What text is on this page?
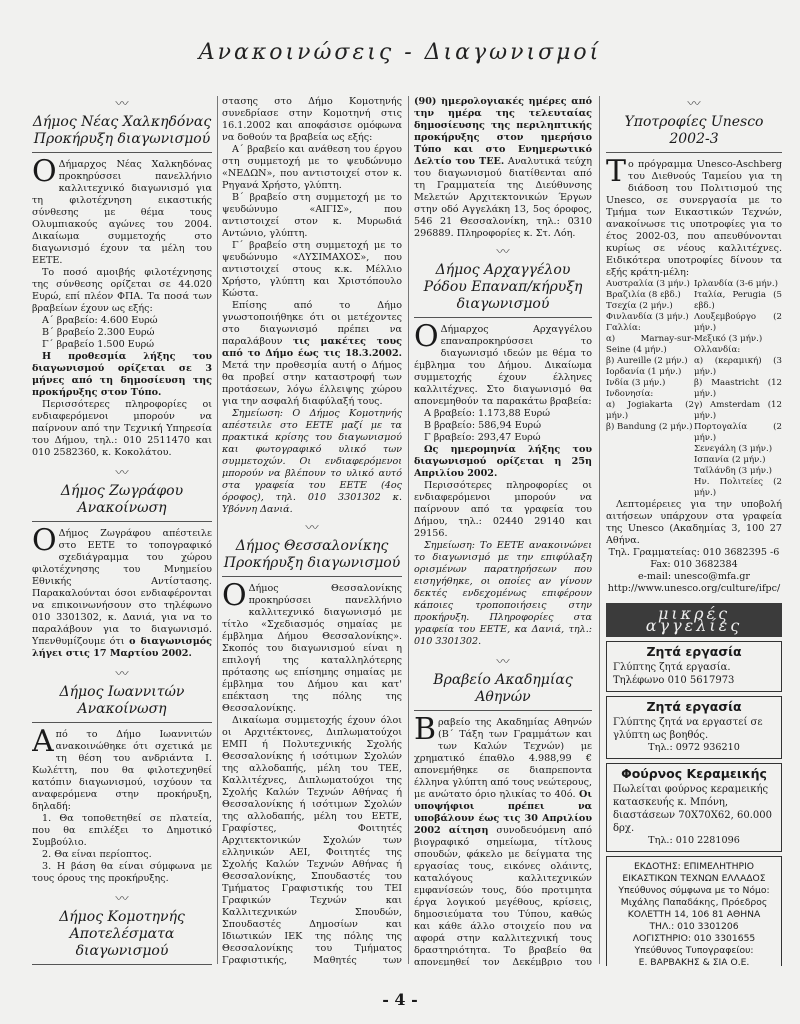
Ανακοινώσεις - Διαγωνισμοί
〰
Δήμος Νέας Χαλκηδόνας Προκήρυξη διαγωνισμού

ΟΔήμαρχος Νέας Χαλκηδόνας προκηρύσσει πανελλήνιο καλλιτεχνικό διαγωνισμό για τη φιλοτέχνηση εικαστικής σύνθεσης με θέμα τους Ολυμπιακούς αγώνες του 2004. Δικαίωμα συμμετοχής στο διαγωνισμό έχουν τα μέλη του ΕΕΤΕ.

Το ποσό αμοιβής φιλοτέχνησης της σύνθεσης ορίζεται σε 44.020 Ευρώ, επί πλέον ΦΠΑ. Τα ποσά των βραβείων έχουν ως εξής:

Α΄ βραβείο: 4.600 Ευρώ

Β΄ βραβείο 2.300 Ευρώ

Γ΄ βραβείο 1.500 Ευρώ

Η προθεσμία λήξης του διαγωνισμού ορίζεται σε 3 μήνες από τη δημοσίευση της προκήρυξης στον Τύπο.

Περισσότερες πληροφορίες οι ενδιαφερόμενοι μπορούν να παίρνουν από την Τεχνική Υπηρεσία του Δήμου, τηλ.: 010 2511470 και 010 2582360, κ. Κοκολάτου.

〰
Δήμος Ζωγράφου Ανακοίνωση

ΟΔήμος Ζωγράφου απέστειλε στο ΕΕΤΕ το τοπογραφικό σχεδιάγραμμα του χώρου φιλοτέχνησης του Μνημείου Εθνικής Αντίστασης. Παρακαλούνται όσοι ενδιαφέρονται να επικοινωνήσουν στο τηλέφωνο 010 3301302, κ. Δανιά, για να το παραλάβουν για το διαγωνισμό. Υπενθυμίζουμε ότι ο διαγωνισμός λήγει στις 17 Μαρτίου 2002.

〰
Δήμος Ιωαννιτών Ανακοίνωση

Από το Δήμο Ιωαννιτών ανακοινώθηκε ότι σχετικά με τη θέση του ανδριάντα Ι. Κωλέττη, που θα φιλοτεχνηθεί κατόπιν διαγωνισμού, ισχύουν τα αναφερόμενα στην προκήρυξη, δηλαδή:

1. Θα τοποθετηθεί σε πλατεία, που θα επιλέξει το Δημοτικό Συμβούλιο.

2. Θα είναι περίοπτος.

3. Η βάση θα είναι σύμφωνα με τους όρους της προκήρυξης.

〰
Δήμος Κομοτηνής Αποτελέσματα διαγωνισμού

στασης στο Δήμο Κομοτηνής συνεδρίασε στην Κομοτηνή στις 16.1.2002 και αποφάσισε ομόφωνα να δοθούν τα βραβεία ως εξής:

Α΄ βραβείο και ανάθεση του έργου στη συμμετοχή με το ψευδώνυμο «ΝΕΔΩΝ», που αντιστοιχεί στον κ. Ρηγανά Χρήστο, γλύπτη.

Β΄ βραβείο στη συμμετοχή με το ψευδώνυμο «ΑΙΓΙΣ», που αντιστοιχεί στον κ. Μυρωδιά Αντώνιο, γλύπτη.

Γ΄ βραβείο στη συμμετοχή με το ψευδώνυμο «ΛΥΣΙΜΑΧΟΣ», που αντιστοιχεί στους κ.κ. Μέλλιο Χρήστο, γλύπτη και Χριστόπουλο Κώστα.

Επίσης από το Δήμο γνωστοποιήθηκε ότι οι μετέχοντες στο διαγωνισμό πρέπει να παραλάβουν τις μακέτες τους από το Δήμο έως τις 18.3.2002. Μετά την προθεσμία αυτή ο Δήμος θα προβεί στην καταστροφή των προτάσεων, λόγω έλλειψης χώρου για την ασφαλή διαφύλαξή τους.

Σημείωση: Ο Δήμος Κομοτηνής απέστειλε στο ΕΕΤΕ μαζί με τα πρακτικά κρίσης του διαγωνισμού και φωτογραφικό υλικό των συμμετοχών. Οι ενδιαφερόμενοι μπορούν να βλέπουν το υλικό αυτό στα γραφεία του ΕΕΤΕ (4ος όροφος), τηλ. 010 3301302 κ. Υβόννη Δανιά.

〰
Δήμος Θεσσαλονίκης Προκήρυξη διαγωνισμού

ΟΔήμος Θεσσαλονίκης προκηρύσσει πανελλήνιο καλλιτεχνικό διαγωνισμό με τίτλο «Σχεδιασμός σημαίας με έμβλημα Δήμου Θεσσαλονίκης». Σκοπός του διαγωνισμού είναι η επιλογή της καταλληλότερης πρότασης ως επίσημης σημαίας με έμβλημα του Δήμου και κατ' επέκταση της πόλης της Θεσσαλονίκης.

Δικαίωμα συμμετοχής έχουν όλοι οι Αρχιτέκτονες, Διπλωματούχοι ΕΜΠ ή Πολυτεχνικής Σχολής Θεσσαλονίκης ή ισότιμων Σχολών της αλλοδαπής, μέλη του ΤΕΕ, Καλλιτέχνες, Διπλωματούχοι της Σχολής Καλών Τεχνών Αθήνας ή Θεσσαλονίκης ή ισότιμων Σχολών της αλλοδαπής, μέλη του ΕΕΤΕ, Γραφίστες, Φοιτητές Αρχιτεκτονικών Σχολών των ελληνικών ΑΕΙ, Φοιτητές της Σχολής Καλών Τεχνών Αθήνας ή Θεσσαλονίκης, Σπουδαστές του Τμήματος Γραφιστικής του ΤΕΙ Γραφικών Τεχνών και Καλλιτεχνικών Σπουδών, Σπουδαστές Δημοσίων και Ιδιωτικών ΙΕΚ της πόλης της Θεσσαλονίκης του Τμήματος Γραφιστικής, Μαθητές των

(90) ημερολογιακές ημέρες από την ημέρα της τελευταίας δημοσίευσης της περιληπτικής προκήρυξης στον ημερήσιο Τύπο και στο Ενημερωτικό Δελτίο του ΤΕΕ. Αναλυτικά τεύχη του διαγωνισμού διατίθενται από τη Γραμματεία της Διεύθυνσης Μελετών Αρχιτεκτονικών Έργων στην οδό Αγγελάκη 13, 5ος όροφος, 546 21 Θεσσαλονίκη, τηλ.: 0310 296889. Πληροφορίες κ. Στ. Λόη.

〰
Δήμος Αρχαγγέλου Ρόδου Επαναπ/κήρυξη διαγωνισμού

ΟΔήμαρχος Αρχαγγέλου επαναπροκηρύσσει το διαγωνισμό ιδεών με θέμα το έμβλημα του Δήμου. Δικαίωμα συμμετοχής έχουν έλληνες καλλιτέχνες. Στο διαγωνισμό θα απονεμηθούν τα παρακάτω βραβεία:

Α βραβείο: 1.173,88 Ευρώ

Β βραβείο: 586,94 Ευρώ

Γ βραβείο: 293,47 Ευρώ

Ως ημερομηνία λήξης του διαγωνισμού ορίζεται η 25η Απριλίου 2002.

Περισσότερες πληροφορίες οι ενδιαφερόμενοι μπορούν να παίρνουν από τα γραφεία του Δήμου, τηλ.: 02440 29140 και 29156.

Σημείωση: Το ΕΕΤΕ ανακοινώνει το διαγωνισμό με την επιφύλαξη ορισμένων παρατηρήσεων που εισηγήθηκε, οι οποίες αν γίνουν δεκτές ενδεχομένως επιφέρουν κάποιες τροποποιήσεις στην προκήρυξη. Πληροφορίες στα γραφεία του ΕΕΤΕ, κα Δανιά, τηλ.: 010 3301302.

〰
Βραβείο Ακαδημίας Αθηνών

Βραβείο της Ακαδημίας Αθηνών (Β΄ Τάξη των Γραμμάτων και των Καλών Τεχνών) με χρηματικό έπαθλο 4.988,99 € απονεμήθηκε σε διαπρεποντα έλληνα γλύπτη από τους νεώτερους, με ανώτατο όριο ηλικίας το 40ό. Οι υποψήφιοι πρέπει να υποβάλουν έως τις 30 Απριλίου 2002 αίτηση συνοδευόμενη από βιογραφικό σημείωμα, τίτλους σπουδών, φάκελο με δείγματα της εργασίας τους, εικόνες ολάιντς, καταλόγους καλλιτεχνικών εμφανίσεών τους, δύο προτιμητα έργα λογικού μεγέθους, κρίσεις, δημοσιεύματα του Τύπου, καθώς και κάθε άλλο στοιχείο που να αφορά στην καλλιτεχνική τους δραστηριότητα. Το βραβείο θα απονεμηθεί τον Δεκέμβριο του

〰
Υποτροφίες Unesco 2002-3

Το πρόγραμμα Unesco-Aschberg του Διεθνούς Ταμείου για τη διάδοση του Πολιτισμού της Unesco, σε συνεργασία με το Τμήμα των Εικαστικών Τεχνών, ανακοίνωσε τις υποτροφίες για το έτος 2002-03, που απευθύνονται κυρίως σε νέους καλλιτέχνες. Ειδικότερα υποτροφίες δίνουν τα εξής κράτη-μέλη:

Αυστραλία (3 μήν.)
Βραζιλία (8 εβδ.)
Τσεχία (2 μήν.)
Φινλανδία (3 μήν.)
Γαλλία:
α) Marnay-sur-Seine (4 μήν.)
β) Aureille (2 μήν.)
Ιορδανία (1 μήν.)
Ινδία (3 μήν.)
Ινδονησία:
α) Jogiakarta (2 μήν.)
β) Bandung (2 μήν.)
Ιρλανδία (3-6 μήν.)
Ιταλία, Perugia (5 εβδ.)
Λουξεμβούργο (2 μήν.)
Μεξικό (3 μήν.)
Ολλανδία:
α) (κεραμική) (3 μήν.)
β) Maastricht (12 μήν.)
γ) Amsterdam (12 μήν.)
Πορτογαλία (2 μήν.)
Σενεγάλη (3 μήν.)
Ισπανία (2 μήν.)
Ταϊλάνδη (3 μήν.)
Ην. Πολιτείες (2 μήν.)

Λεπτομέρειες για την υποβολή αιτήσεων υπάρχουν στα γραφεία της Unesco (Ακαδημίας 3, 100 27 Αθήνα.

Τηλ. Γραμματείας: 010 3682395 -6
Fax: 010 3682384
e-mail: unesco@mfa.gr
http://www.unesco.org/culture/ifpc/
μικρές αγγελίες
Ζητά εργασία
Γλύπτης ζητά εργασία. Τηλέφωνο 010 5617973
Ζητά εργασία
Γλύπτης ζητά να εργαστεί σε γλύπτη ως βοηθός.
Τηλ.: 0972 936210
Φούρνος Κεραμεικής
Πωλείται φούρνος κεραμεικής κατασκευής κ. Μπόνη, διαστάσεων 70Χ70Χ62, 60.000 δρχ.
Τηλ.: 010 2281096
ΕΚΔΟΤΗΣ: ΕΠΙΜΕΛΗΤΗΡΙΟ
ΕΙΚΑΣΤΙΚΩΝ ΤΕΧΝΩΝ ΕΛΛΑΔΟΣ
Υπεύθυνος σύμφωνα με το Νόμο:
Μιχάλης Παπαδάκης, Πρόεδρος
ΚΟΛΕΤΤΗ 14, 106 81 ΑΘΗΝΑ
ΤΗΛ.: 010 3301206
ΛΟΓΙΣΤΗΡΙΟ: 010 3301655
Υπεύθυνος Τυπογραφείου:
Ε. ΒΑΡΒΑΚΗΣ & ΣΙΑ Ο.Ε.
- 4 -
